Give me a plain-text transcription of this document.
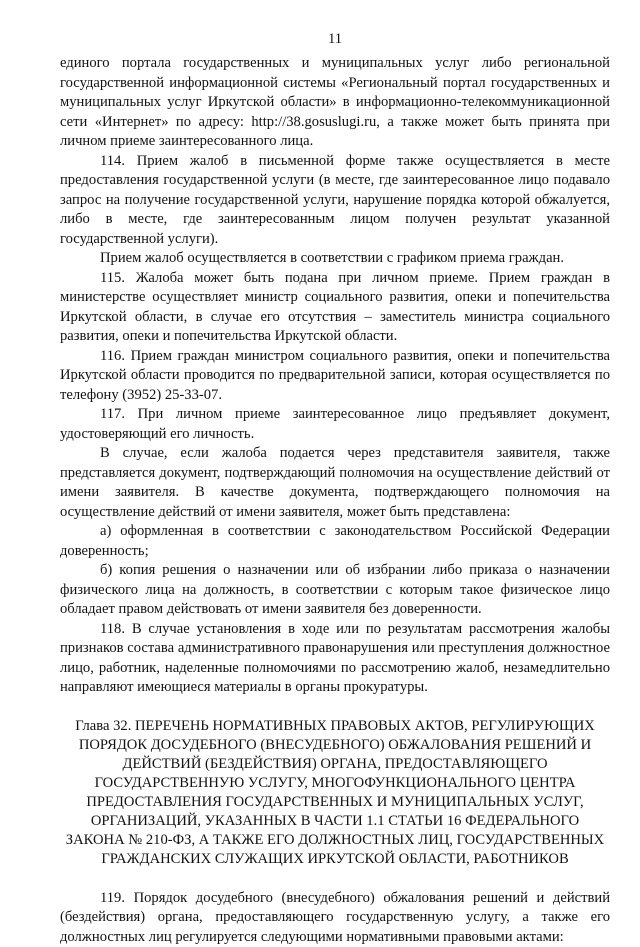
11

единого портала государственных и муниципальных услуг либо региональной государственной информационной системы «Региональный портал государственных и муниципальных услуг Иркутской области» в информационно-телекоммуникационной сети «Интернет» по адресу: http://38.gosuslugi.ru, а также может быть принята при личном приеме заинтересованного лица.

114. Прием жалоб в письменной форме также осуществляется в месте предоставления государственной услуги (в месте, где заинтересованное лицо подавало запрос на получение государственной услуги, нарушение порядка которой обжалуется, либо в месте, где заинтересованным лицом получен результат указанной государственной услуги).

Прием жалоб осуществляется в соответствии с графиком приема граждан.

115. Жалоба может быть подана при личном приеме. Прием граждан в министерстве осуществляет министр социального развития, опеки и попечительства Иркутской области, в случае его отсутствия – заместитель министра социального развития, опеки и попечительства Иркутской области.

116. Прием граждан министром социального развития, опеки и попечительства Иркутской области проводится по предварительной записи, которая осуществляется по телефону (3952) 25-33-07.

117. При личном приеме заинтересованное лицо предъявляет документ, удостоверяющий его личность.

В случае, если жалоба подается через представителя заявителя, также представляется документ, подтверждающий полномочия на осуществление действий от имени заявителя. В качестве документа, подтверждающего полномочия на осуществление действий от имени заявителя, может быть представлена:

а) оформленная в соответствии с законодательством Российской Федерации доверенность;

б) копия решения о назначении или об избрании либо приказа о назначении физического лица на должность, в соответствии с которым такое физическое лицо обладает правом действовать от имени заявителя без доверенности.

118. В случае установления в ходе или по результатам рассмотрения жалобы признаков состава административного правонарушения или преступления должностное лицо, работник, наделенные полномочиями по рассмотрению жалоб, незамедлительно направляют имеющиеся материалы в органы прокуратуры.

Глава 32. ПЕРЕЧЕНЬ НОРМАТИВНЫХ ПРАВОВЫХ АКТОВ, РЕГУЛИРУЮЩИХ ПОРЯДОК ДОСУДЕБНОГО (ВНЕСУДЕБНОГО) ОБЖАЛОВАНИЯ РЕШЕНИЙ И ДЕЙСТВИЙ (БЕЗДЕЙСТВИЯ) ОРГАНА, ПРЕДОСТАВЛЯЮЩЕГО ГОСУДАРСТВЕННУЮ УСЛУГУ, МНОГОФУНКЦИОНАЛЬНОГО ЦЕНТРА ПРЕДОСТАВЛЕНИЯ ГОСУДАРСТВЕННЫХ И МУНИЦИПАЛЬНЫХ УСЛУГ, ОРГАНИЗАЦИЙ, УКАЗАННЫХ В ЧАСТИ 1.1 СТАТЬИ 16 ФЕДЕРАЛЬНОГО ЗАКОНА № 210-ФЗ, А ТАКЖЕ ЕГО ДОЛЖНОСТНЫХ ЛИЦ, ГОСУДАРСТВЕННЫХ ГРАЖДАНСКИХ СЛУЖАЩИХ ИРКУТСКОЙ ОБЛАСТИ, РАБОТНИКОВ

119. Порядок досудебного (внесудебного) обжалования решений и действий (бездействия) органа, предоставляющего государственную услугу, а также его должностных лиц регулируется следующими нормативными правовыми актами:
